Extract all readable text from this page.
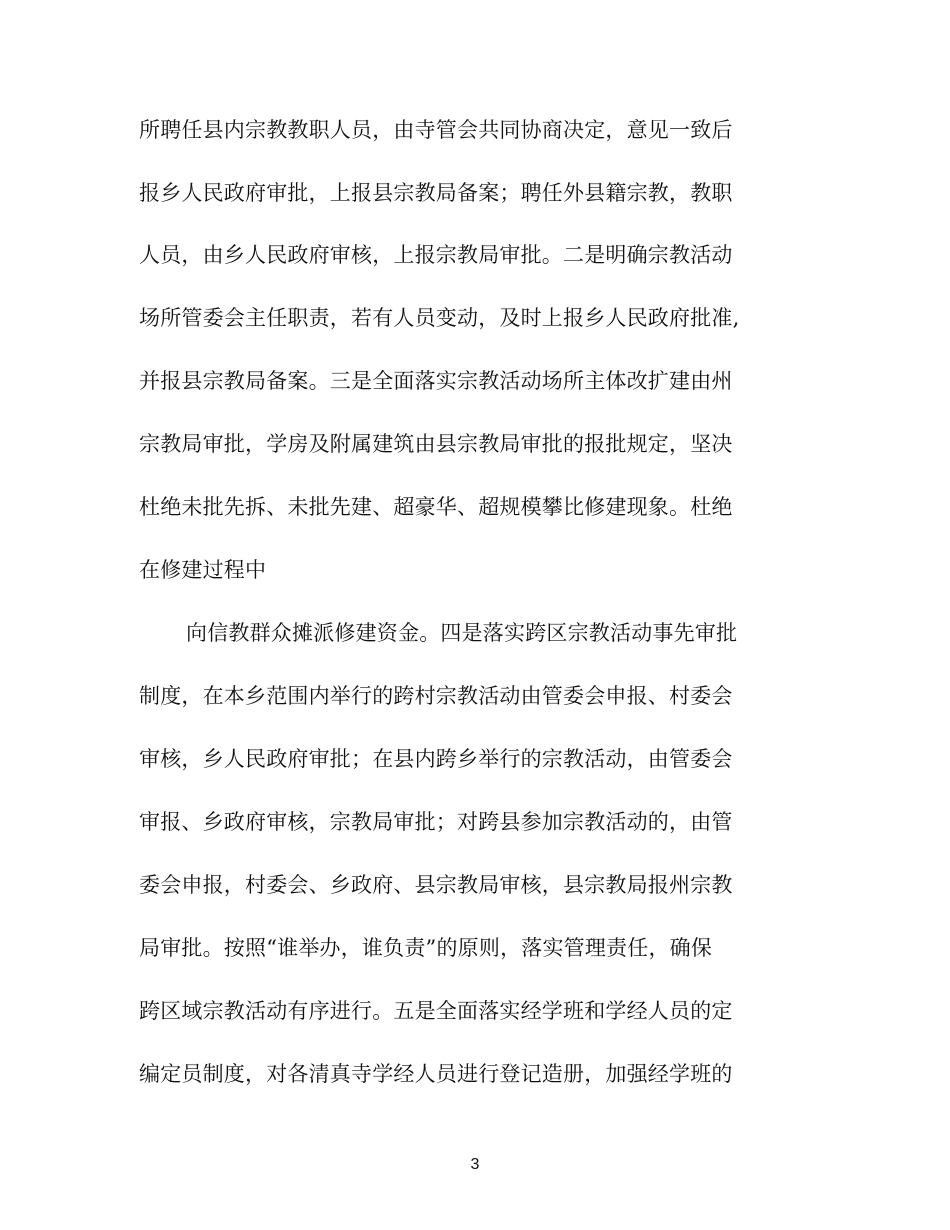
所聘任县内宗教教职人员，由寺管会共同协商决定，意见一致后
报乡人民政府审批，上报县宗教局备案；聘任外县籍宗教，教职
人员，由乡人民政府审核，上报宗教局审批。二是明确宗教活动
场所管委会主任职责，若有人员变动，及时上报乡人民政府批准,
并报县宗教局备案。三是全面落实宗教活动场所主体改扩建由州
宗教局审批，学房及附属建筑由县宗教局审批的报批规定，坚决
杜绝未批先拆、未批先建、超豪华、超规模攀比修建现象。杜绝
在修建过程中
向信教群众摊派修建资金。四是落实跨区宗教活动事先审批
制度，在本乡范围内举行的跨村宗教活动由管委会申报、村委会
审核，乡人民政府审批；在县内跨乡举行的宗教活动，由管委会
审报、乡政府审核，宗教局审批；对跨县参加宗教活动的，由管
委会申报，村委会、乡政府、县宗教局审核，县宗教局报州宗教
局审批。按照“谁举办，谁负责”的原则，落实管理责任，确保
跨区域宗教活动有序进行。五是全面落实经学班和学经人员的定
编定员制度，对各清真寺学经人员进行登记造册，加强经学班的
3
